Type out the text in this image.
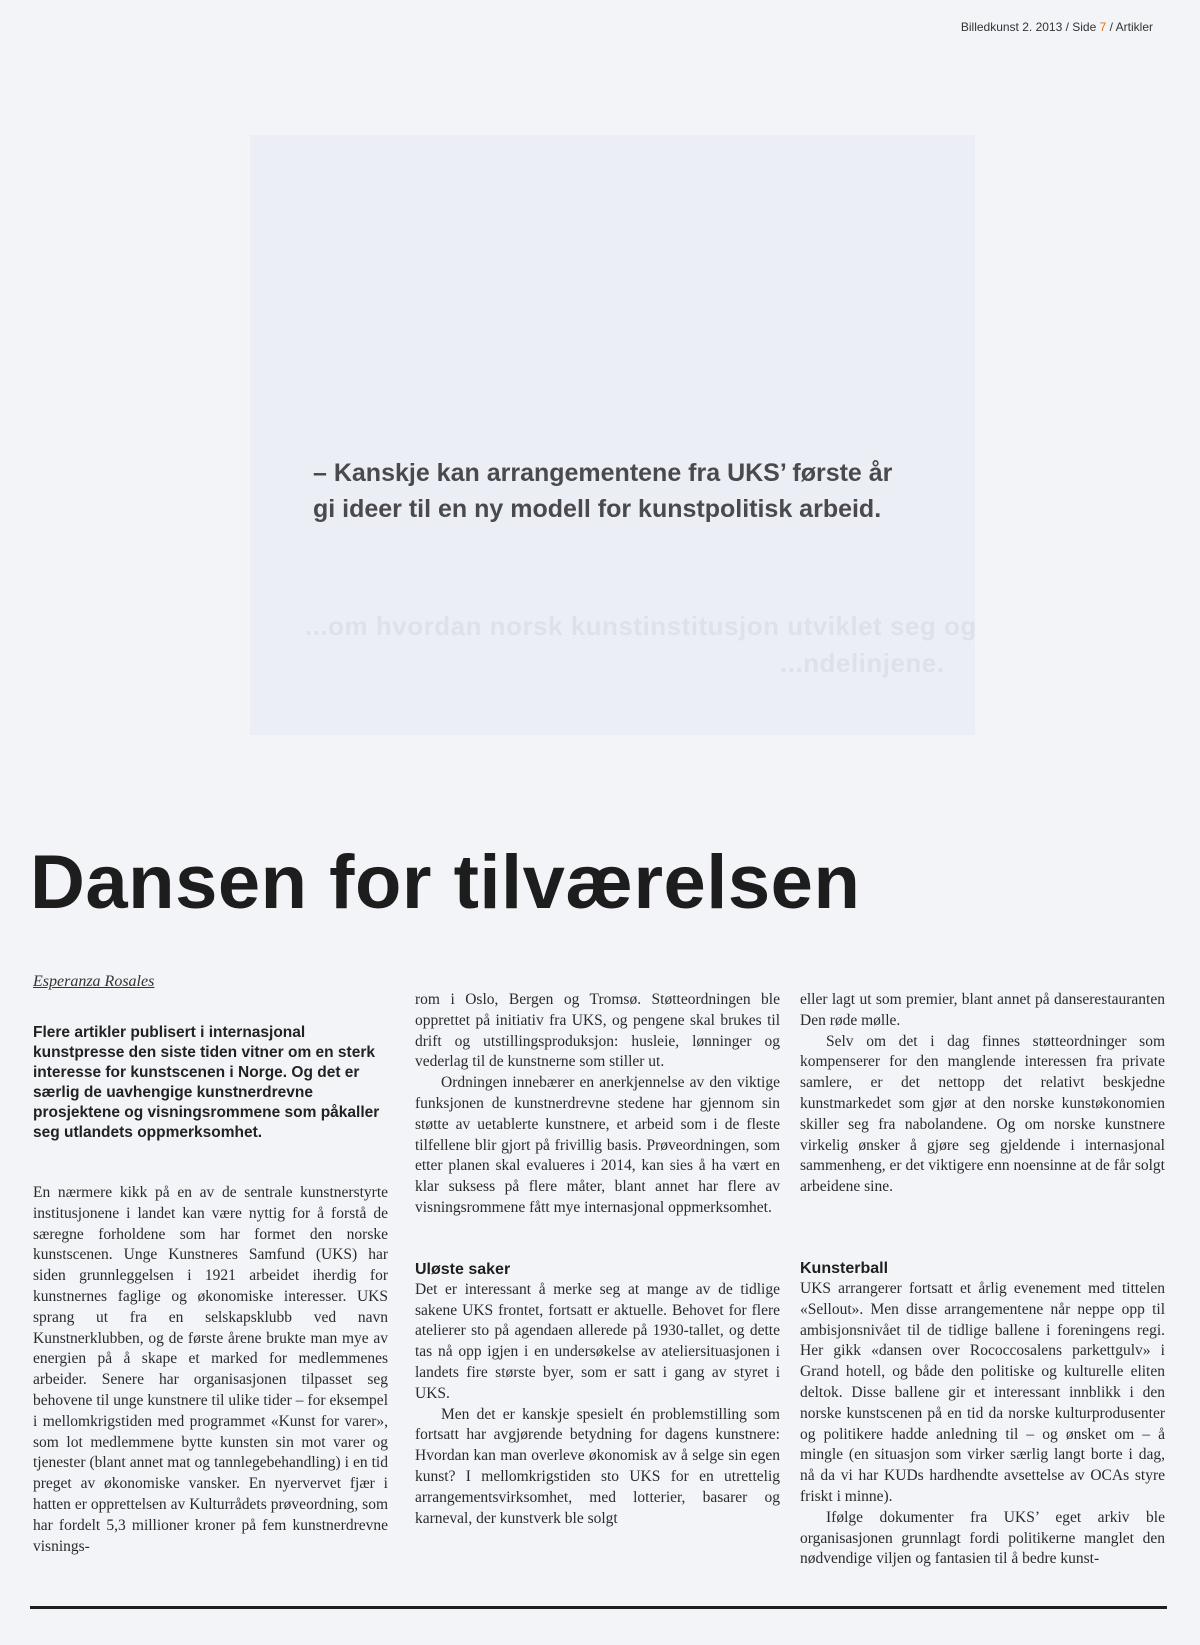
...om hvordan norsk kunstinstitusjon utviklet seg og
...ndelinjene.
Billedkunst 2. 2013 / Side 7 / Artikler
– Kanskje kan arrangementene fra UKS’ første år
gi ideer til en ny modell for kunstpolitisk arbeid.
Dansen for tilværelsen
Esperanza Rosales
Flere artikler publisert i internasjonal kunstpresse den siste tiden vitner om en sterk interesse for kunstscenen i Norge. Og det er særlig de uavhengige kunstnerdrevne prosjektene og visningsrommene som påkaller seg utlandets oppmerksomhet.

En nærmere kikk på en av de sentrale kunstnerstyrte institusjonene i landet kan være nyttig for å forstå de særegne forholdene som har formet den norske kunstscenen. Unge Kunstneres Samfund (UKS) har siden grunnleggelsen i 1921 arbeidet iherdig for kunstnernes faglige og økonomiske interesser. UKS sprang ut fra en selskapsklubb ved navn Kunstnerklubben, og de første årene brukte man mye av energien på å skape et marked for medlemmenes arbeider. Senere har organisasjonen tilpasset seg behovene til unge kunstnere til ulike tider – for eksempel i mellomkrigstiden med programmet «Kunst for varer», som lot medlemmene bytte kunsten sin mot varer og tjenester (blant annet mat og tannlegebehandling) i en tid preget av økonomiske vansker. En nyervervet fjær i hatten er opprettelsen av Kulturrådets prøveordning, som har fordelt 5,3 millioner kroner på fem kunstnerdrevne visnings-

rom i Oslo, Bergen og Tromsø. Støtteordningen ble opprettet på initiativ fra UKS, og pengene skal brukes til drift og utstillingsproduksjon: husleie, lønninger og vederlag til de kunstnerne som stiller ut.

Ordningen innebærer en anerkjennelse av den viktige funksjonen de kunstnerdrevne stedene har gjennom sin støtte av uetablerte kunstnere, et arbeid som i de fleste tilfellene blir gjort på frivillig basis. Prøveordningen, som etter planen skal evalueres i 2014, kan sies å ha vært en klar suksess på flere måter, blant annet har flere av visningsrommene fått mye internasjonal oppmerksomhet.

Uløste saker

Det er interessant å merke seg at mange av de tidlige sakene UKS frontet, fortsatt er aktuelle. Behovet for flere atelierer sto på agendaen allerede på 1930-tallet, og dette tas nå opp igjen i en undersøkelse av ateliersituasjonen i landets fire største byer, som er satt i gang av styret i UKS.

Men det er kanskje spesielt én problemstilling som fortsatt har avgjørende betydning for dagens kunstnere: Hvordan kan man overleve økonomisk av å selge sin egen kunst? I mellomkrigstiden sto UKS for en utrettelig arrangementsvirksomhet, med lotterier, basarer og karneval, der kunstverk ble solgt

eller lagt ut som premier, blant annet på danserestauranten Den røde mølle.

Selv om det i dag finnes støtteordninger som kompenserer for den manglende interessen fra private samlere, er det nettopp det relativt beskjedne kunstmarkedet som gjør at den norske kunstøkonomien skiller seg fra nabolandene. Og om norske kunstnere virkelig ønsker å gjøre seg gjeldende i internasjonal sammenheng, er det viktigere enn noensinne at de får solgt arbeidene sine.

Kunsterball

UKS arrangerer fortsatt et årlig evenement med tittelen «Sellout». Men disse arrangementene når neppe opp til ambisjonsnivået til de tidlige ballene i foreningens regi. Her gikk «dansen over Rococcosalens parkettgulv» i Grand hotell, og både den politiske og kulturelle eliten deltok. Disse ballene gir et interessant innblikk i den norske kunstscenen på en tid da norske kulturprodusenter og politikere hadde anledning til – og ønsket om – å mingle (en situasjon som virker særlig langt borte i dag, nå da vi har KUDs hardhendte avsettelse av OCAs styre friskt i minne).

Ifølge dokumenter fra UKS’ eget arkiv ble organisasjonen grunnlagt fordi politikerne manglet den nødvendige viljen og fantasien til å bedre kunst-
